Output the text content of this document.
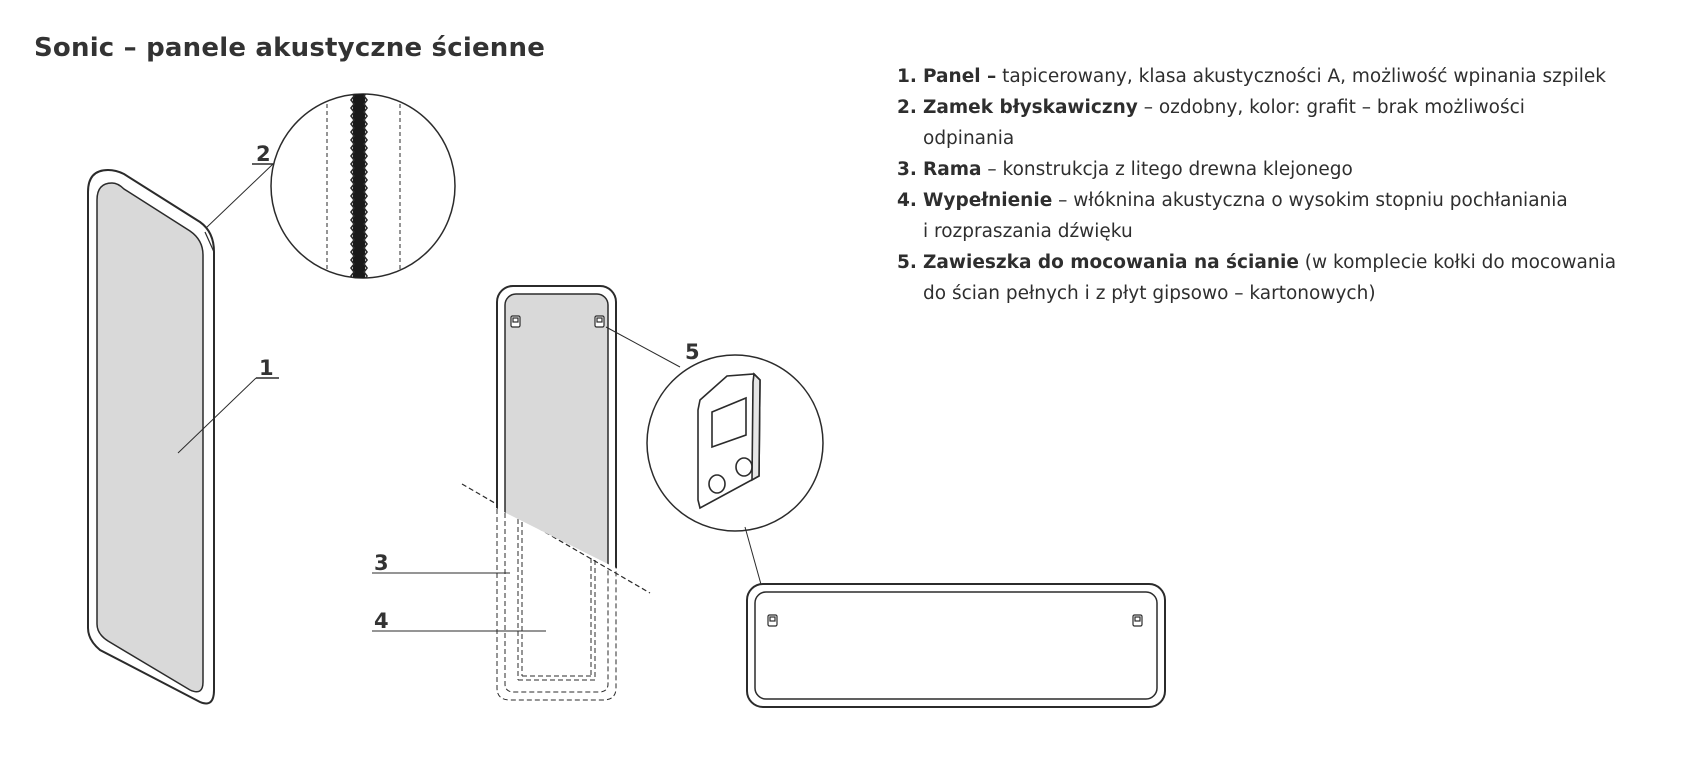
2
1
3
4
5
Sonic – panele akustyczne ścienne
1. Panel – tapicerowany, klasa akustyczności A, możliwość wpinania szpilek
2. Zamek błyskawiczny – ozdobny, kolor: grafit – brak możliwości
odpinania
3. Rama – konstrukcja z litego drewna klejonego
4. Wypełnienie – włóknina akustyczna o wysokim stopniu pochłaniania
i rozpraszania dźwięku
5. Zawieszka do mocowania na ścianie (w komplecie kołki do mocowania
do ścian pełnych i z płyt gipsowo – kartonowych)
